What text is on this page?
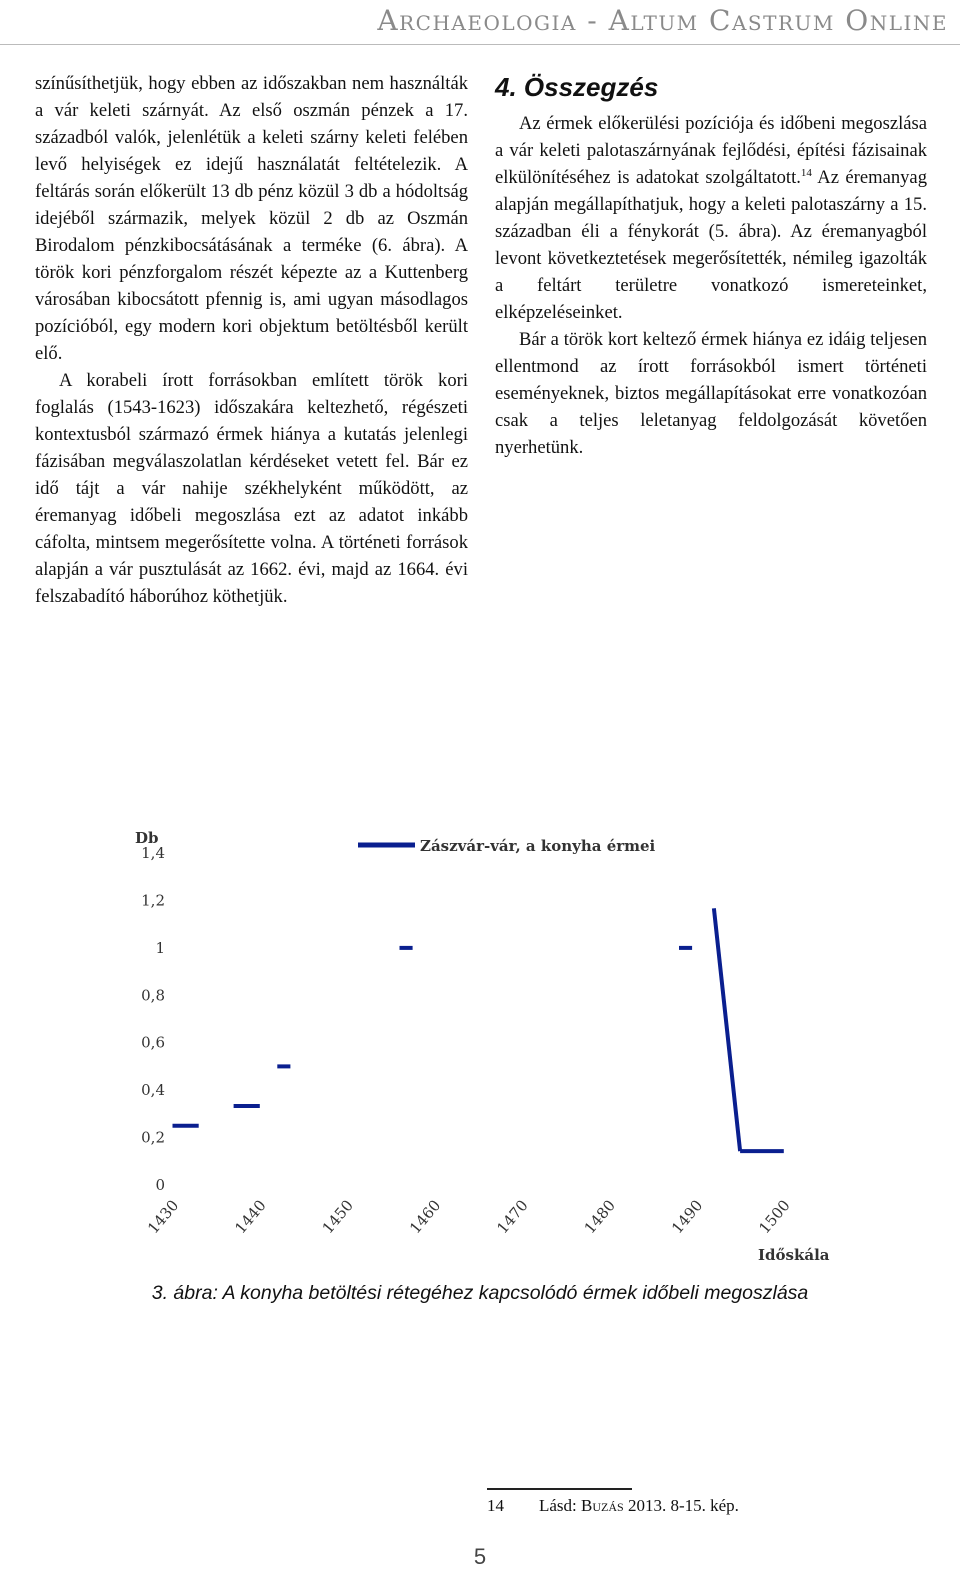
Archaeologia - Altum Castrum Online

színűsíthetjük, hogy ebben az időszakban nem használták a vár keleti szárnyát. Az első oszmán pénzek a 17. századból valók, jelenlétük a keleti szárny keleti felében levő helyiségek ez idejű használatát feltételezik. A feltárás során előkerült 13 db pénz közül 3 db a hódoltság idejéből származik, melyek közül 2 db az Oszmán Birodalom pénzkibocsátásának a terméke (6. ábra). A török kori pénzforgalom részét képezte az a Kuttenberg városában kibocsátott pfennig is, ami ugyan másodlagos pozícióból, egy modern kori objektum betöltésből került elő.

A korabeli írott forrásokban említett török kori foglalás (1543-1623) időszakára keltezhető, régészeti kontextusból származó érmek hiánya a kutatás jelenlegi fázisában megválaszolatlan kérdéseket vetett fel. Bár ez idő tájt a vár nahije székhelyként működött, az éremanyag időbeli megoszlása ezt az adatot inkább cáfolta, mintsem megerősítette volna. A történeti források alapján a vár pusztulását az 1662. évi, majd az 1664. évi felszabadító háborúhoz köthetjük.

4. Összegzés

Az érmek előkerülési pozíciója és időbeni megoszlása a vár keleti palotaszárnyának fejlődési, építési fázisainak elkülönítéséhez is adatokat szolgáltatott.$^{14}$ Az éremanyag alapján megállapíthatjuk, hogy a keleti palotaszárny a 15. században éli a fénykorát (5. ábra). Az éremanyagból levont következtetések megerősítették, némileg igazolták a feltárt területre vonatkozó ismereteinket, elképzeléseinket.

Bár a török kort keltező érmek hiánya ez idáig teljesen ellentmond az írott forrásokból ismert történeti eseményeknek, biztos megállapításokat erre vonatkozóan csak a teljes leletanyag feldolgozását követően nyerhetünk.

Db	Zászvár-vár, a konyha érmei
0
0,2
0,4
0,6
0,8
1
1,2
1,4
1430	1440	1450	1460	1470	1480	1490	1500
Időskála
3. ábra: A konyha betöltési rétegéhez kapcsolódó érmek időbeli megoszlása
14 Lásd: Buzás 2013. 8-15. kép.
5
